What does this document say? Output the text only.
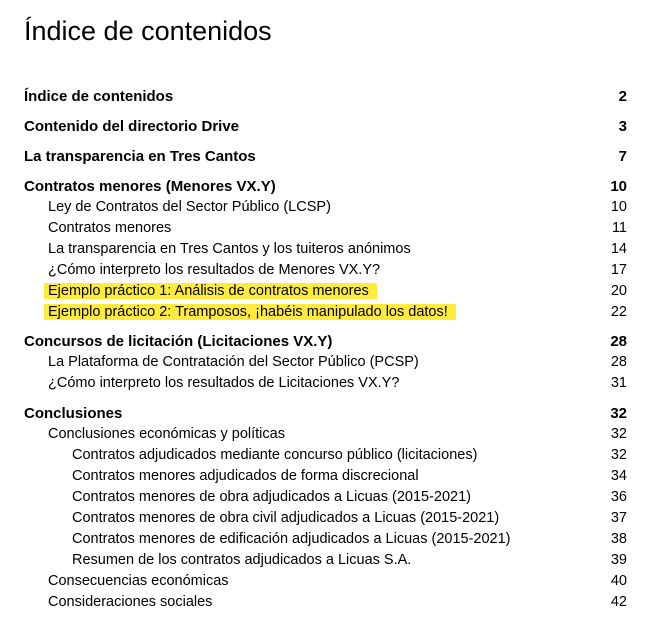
Índice de contenidos
Índice de contenidos	2
Contenido del directorio Drive	3
La transparencia en Tres Cantos	7
Contratos menores (Menores VX.Y)	10
Ley de Contratos del Sector Público (LCSP)	10
Contratos menores	11
La transparencia en Tres Cantos y los tuiteros anónimos	14
¿Cómo interpreto los resultados de Menores VX.Y?	17
Ejemplo práctico 1: Análisis de contratos menores	20
Ejemplo práctico 2: Tramposos, ¡habéis manipulado los datos!	22
Concursos de licitación (Licitaciones VX.Y)	28
La Plataforma de Contratación del Sector Público (PCSP)	28
¿Cómo interpreto los resultados de Licitaciones VX.Y?	31
Conclusiones	32
Conclusiones económicas y políticas	32
Contratos adjudicados mediante concurso público (licitaciones)	32
Contratos menores adjudicados de forma discrecional	34
Contratos menores de obra adjudicados a Licuas (2015-2021)	36
Contratos menores de obra civil adjudicados a Licuas (2015-2021)	37
Contratos menores de edificación adjudicados a Licuas (2015-2021)	38
Resumen de los contratos adjudicados a Licuas S.A.	39
Consecuencias económicas	40
Consideraciones sociales	42
